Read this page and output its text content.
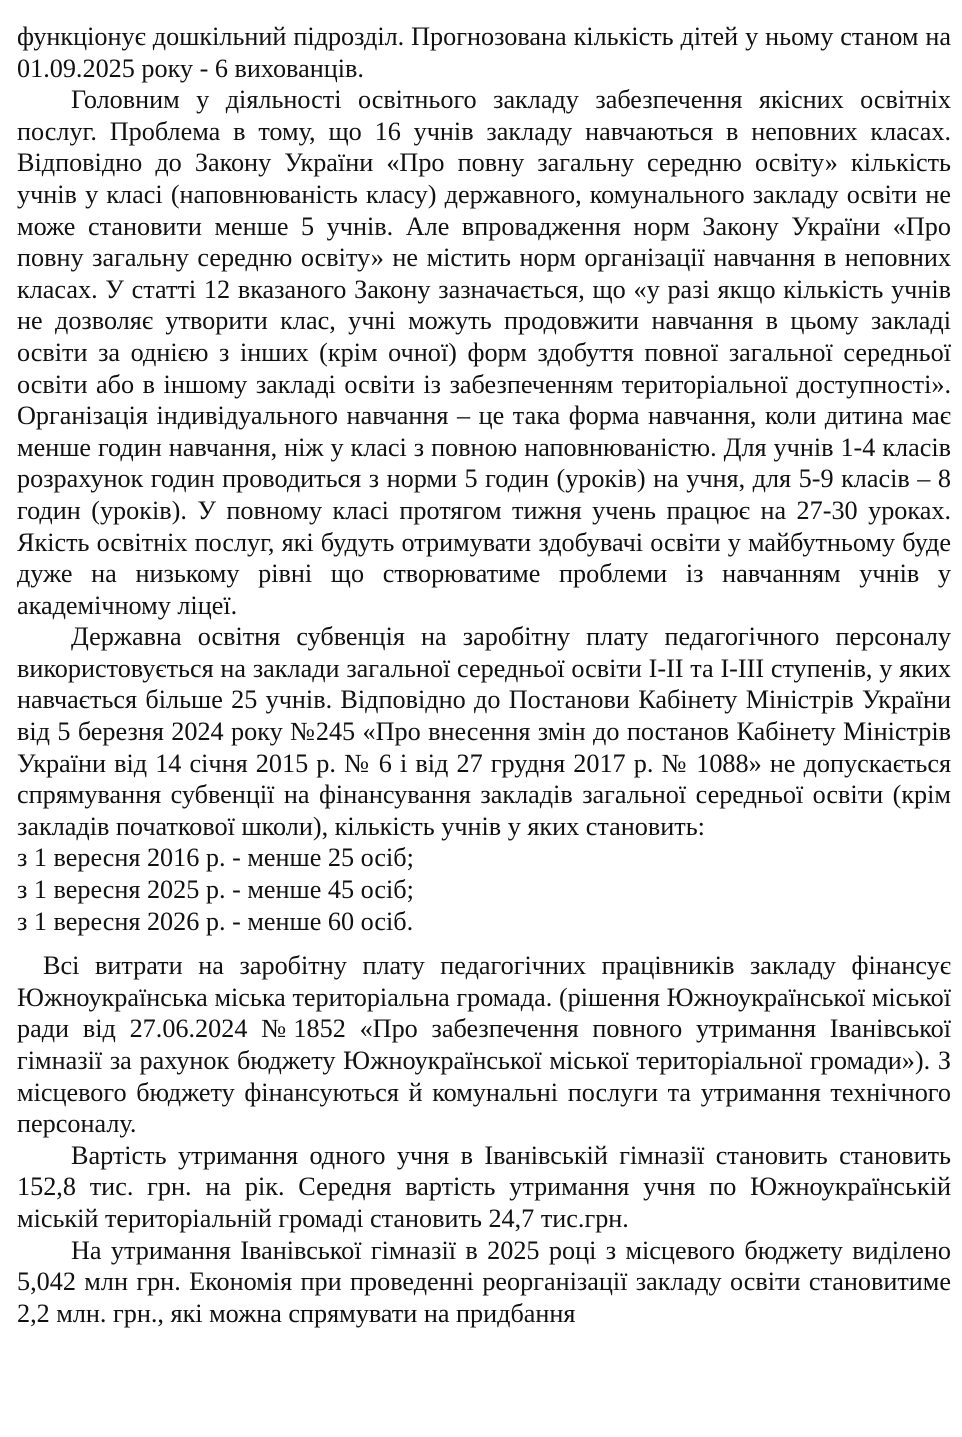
функціонує дошкільний підрозділ. Прогнозована кількість дітей у ньому станом на 01.09.2025 року - 6 вихованців.

Головним у діяльності освітнього закладу забезпечення якісних освітніх послуг. Проблема в тому, що 16 учнів закладу навчаються в неповних класах. Відповідно до Закону України «Про повну загальну середню освіту» кількість учнів у класі (наповнюваність класу) державного, комунального закладу освіти не може становити менше 5 учнів. Але впровадження норм Закону України «Про повну загальну середню освіту» не містить норм організації навчання в неповних класах. У статті 12 вказаного Закону зазначається, що «у разі якщо кількість учнів не дозволяє утворити клас, учні можуть продовжити навчання в цьому закладі освіти за однією з інших (крім очної) форм здобуття повної загальної середньої освіти або в іншому закладі освіти із забезпеченням територіальної доступності». Організація індивідуального навчання – це така форма навчання, коли дитина має менше годин навчання, ніж у класі з повною наповнюваністю. Для учнів 1-4 класів розрахунок годин проводиться з норми 5 годин (уроків) на учня, для 5-9 класів – 8 годин (уроків). У повному класі протягом тижня учень працює на 27-30 уроках. Якість освітніх послуг, які будуть отримувати здобувачі освіти у майбутньому буде дуже на низькому рівні що створюватиме проблеми із навчанням учнів у академічному ліцеї.

Державна освітня субвенція на заробітну плату педагогічного персоналу використовується на заклади загальної середньої освіти I-II та I-III ступенів, у яких навчається більше 25 учнів. Відповідно до Постанови Кабінету Міністрів України від 5 березня 2024 року №245 «Про внесення змін до постанов Кабінету Міністрів України від 14 січня 2015 р. № 6 і від 27 грудня 2017 р. № 1088» не допускається спрямування субвенції на фінансування закладів загальної середньої освіти (крім закладів початкової школи), кількість учнів у яких становить:

з 1 вересня 2016 р. - менше 25 осіб;

з 1 вересня 2025 р. - менше 45 осіб;

з 1 вересня 2026 р. - менше 60 осіб.

Всі витрати на заробітну плату педагогічних працівників закладу фінансує Южноукраїнська міська територіальна громада. (рішення Южноукраїнської міської ради від 27.06.2024 №1852 «Про забезпечення повного утримання Іванівської гімназії за рахунок бюджету Южноукраїнської міської територіальної громади»). З місцевого бюджету фінансуються й комунальні послуги та утримання технічного персоналу.

Вартість утримання одного учня в Іванівській гімназії становить становить 152,8 тис. грн. на рік. Середня вартість утримання учня по Южноукраїнській міській територіальній громаді становить 24,7 тис.грн.

На утримання Іванівської гімназії в 2025 році з місцевого бюджету виділено 5,042 млн грн. Економія при проведенні реорганізації закладу освіти становитиме 2,2 млн. грн., які можна спрямувати на придбання
